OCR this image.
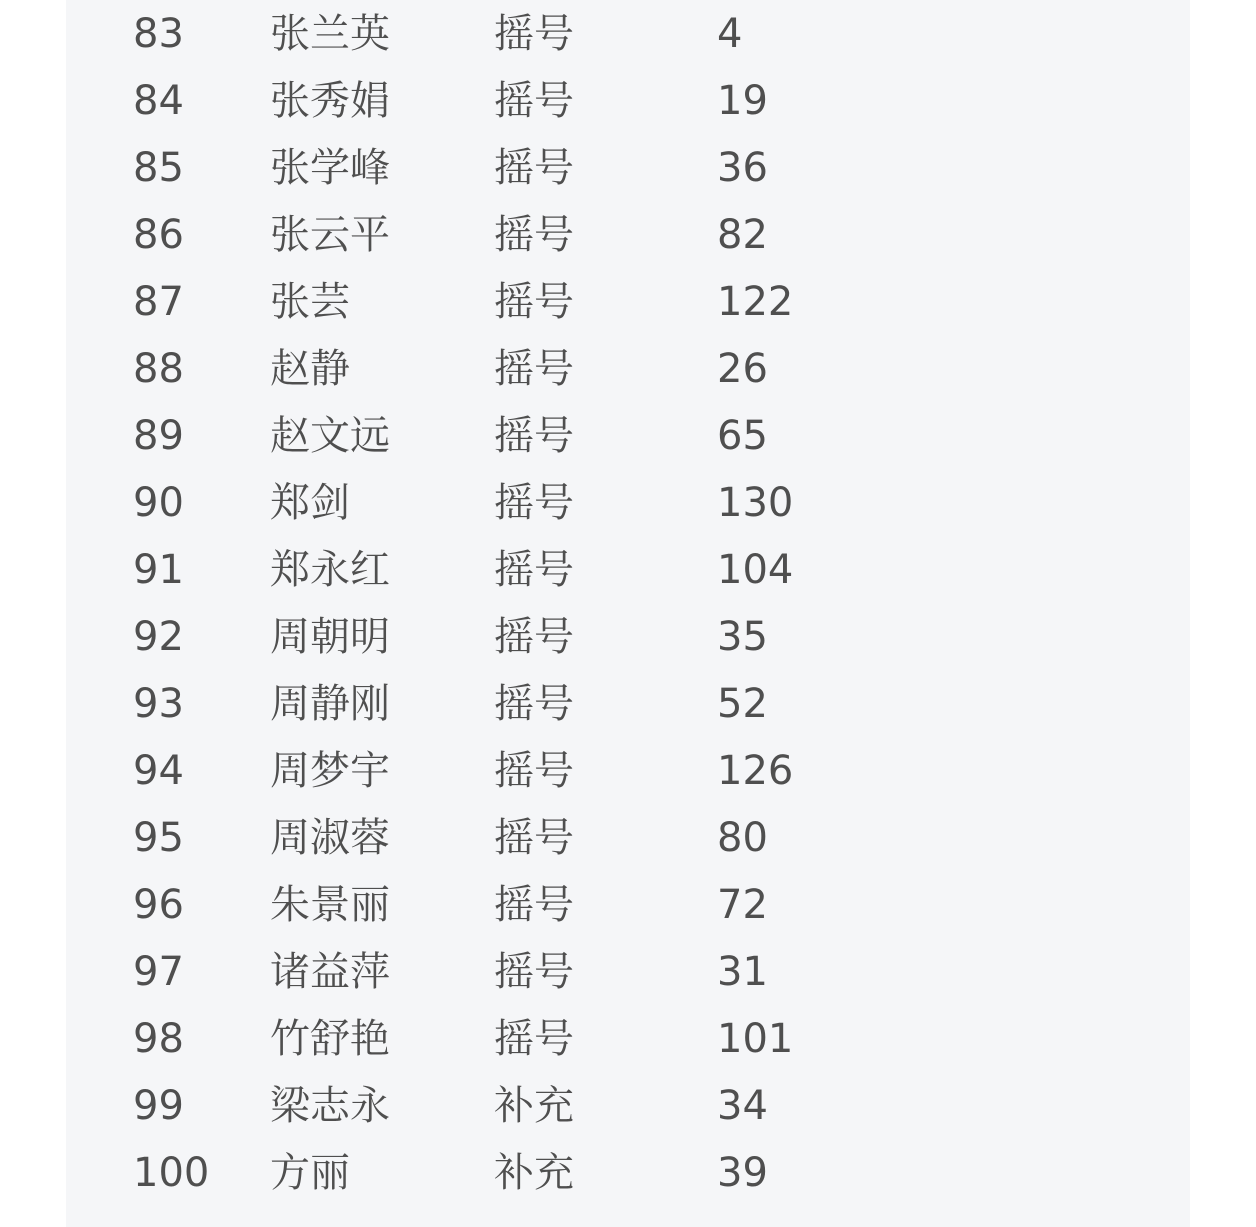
83 张兰英	摇号	4
84 张秀娟	摇号	19
85 张学峰	摇号	36
86 张云平	摇号	82
87 张芸	摇号	122
88 赵静	摇号	26
89 赵文远	摇号	65
90 郑剑	摇号	130
91 郑永红	摇号	104
92 周朝明	摇号	35
93 周静刚	摇号	52
94 周梦宇	摇号	126
95 周淑蓉	摇号	80
96 朱景丽	摇号	72
97 诸益萍	摇号	31
98 竹舒艳	摇号	101
99 梁志永	补充	34
100 方丽	补充	39
